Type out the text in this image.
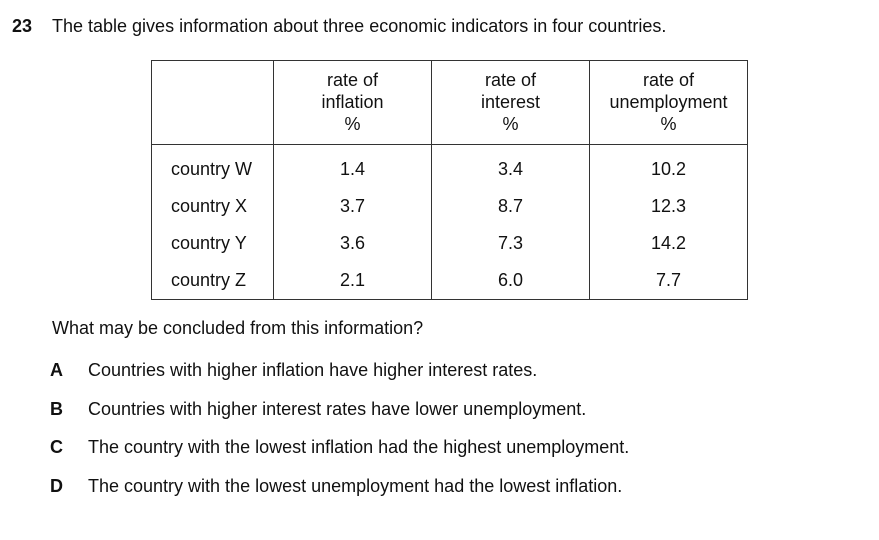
23 The table gives information about three economic indicators in four countries.

	rate of
inflation
%	rate of
interest
%	rate of
unemployment
%

country W	1.4	3.4	10.2
country X	3.7	8.7	12.3
country Y	3.6	7.3	14.2
country Z	2.1	6.0	7.7
What may be concluded from this information?
A Countries with higher inflation have higher interest rates.
B Countries with higher interest rates have lower unemployment.
C The country with the lowest inflation had the highest unemployment.
D The country with the lowest unemployment had the lowest inflation.
